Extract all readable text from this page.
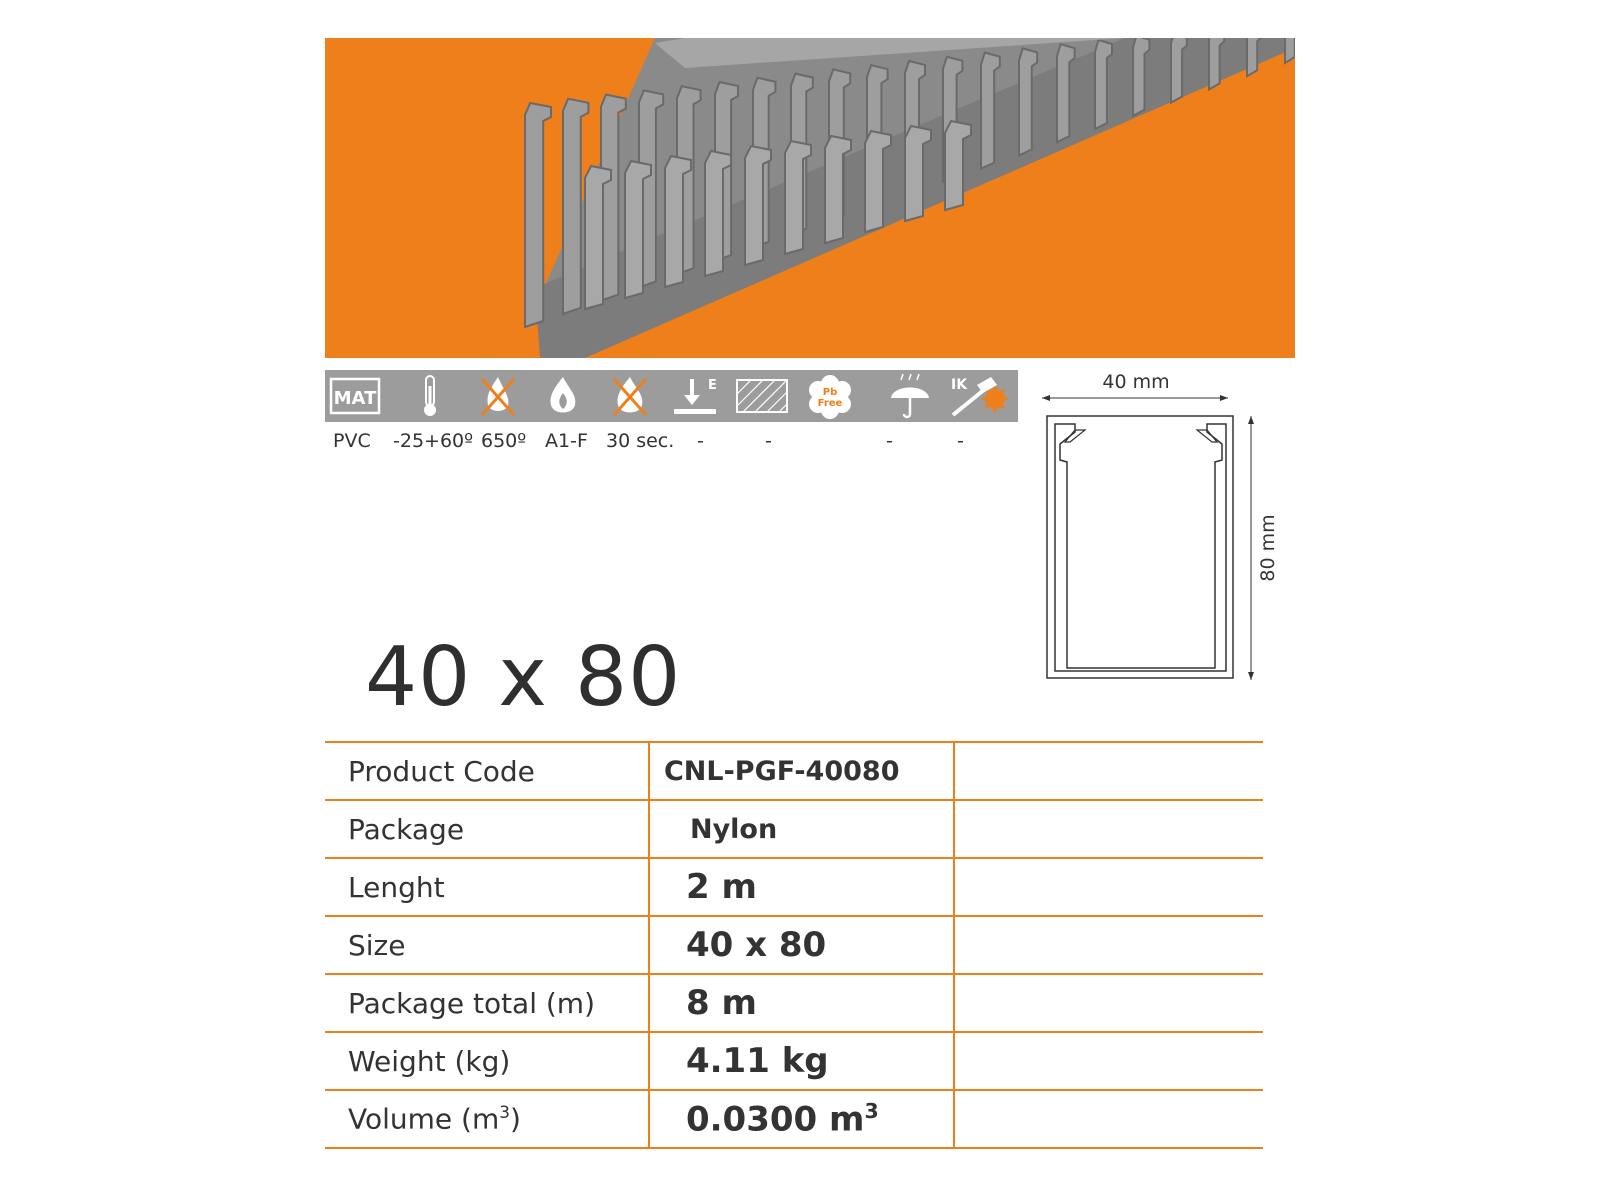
MAT
E	Pb
Free
IK
PVC -25+60º 650º A1-F 30 sec. -	-	-	-
40 mm
80 mm
40 x 80
Product Code	CNL-PGF-40080	
Package	Nylon	
Lenght	2 m	
Size	40 x 80	
Package total (m)	8 m	
Weight (kg)	4.11 kg	
Volume $(m^3)$	0.0300 $m^3$	
